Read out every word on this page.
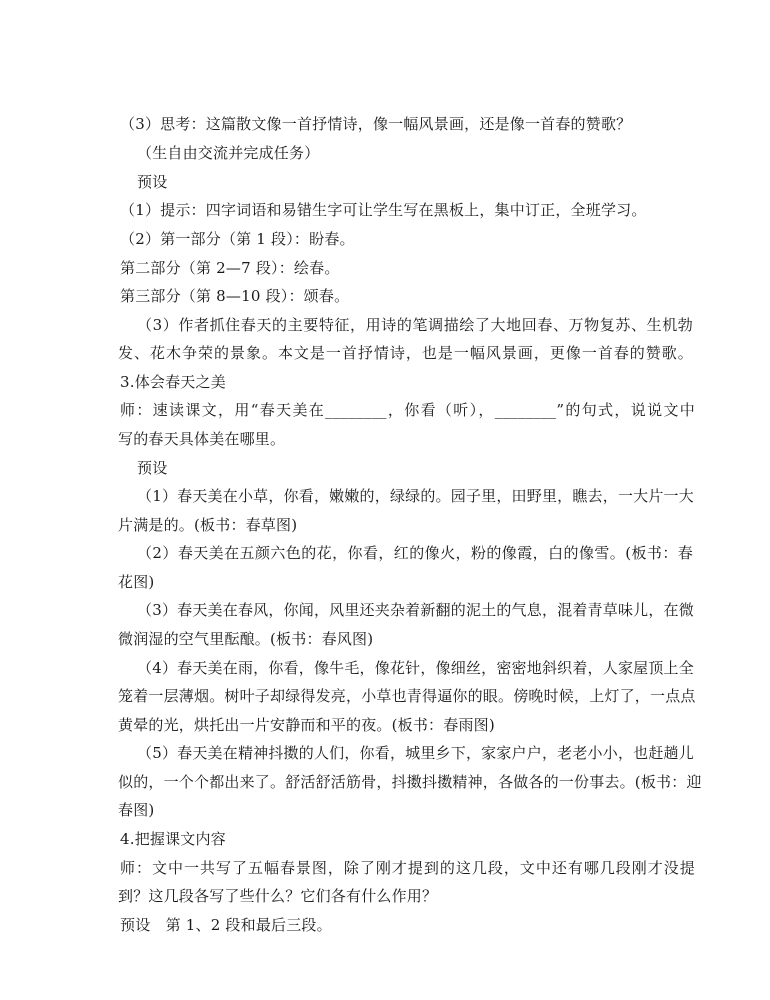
（3）思考：这篇散文像一首抒情诗，像一幅风景画，还是像一首春的赞歌？
（生自由交流并完成任务）
预设
（1）提示：四字词语和易错生字可让学生写在黑板上，集中订正，全班学习。
（2）第一部分（第 1 段）：盼春。
第二部分（第 2—7 段）：绘春。
第三部分（第 8—10 段）：颂春。
（3）作者抓住春天的主要特征，用诗的笔调描绘了大地回春、万物复苏、生机勃
发、花木争荣的景象。本文是一首抒情诗，也是一幅风景画，更像一首春的赞歌。
3.体会春天之美
师：速读课文，用“春天美在________，你看（听），________”的句式，说说文中
写的春天具体美在哪里。
预设
（1）春天美在小草，你看，嫩嫩的，绿绿的。园子里，田野里，瞧去，一大片一大
片满是的。(板书：春草图)
（2）春天美在五颜六色的花，你看，红的像火，粉的像霞，白的像雪。(板书：春
花图)
（3）春天美在春风，你闻，风里还夹杂着新翻的泥土的气息，混着青草味儿，在微
微润湿的空气里酝酿。(板书：春风图)
（4）春天美在雨，你看，像牛毛，像花针，像细丝，密密地斜织着，人家屋顶上全
笼着一层薄烟。树叶子却绿得发亮，小草也青得逼你的眼。傍晚时候，上灯了，一点点
黄晕的光，烘托出一片安静而和平的夜。(板书：春雨图)
（5）春天美在精神抖擞的人们，你看，城里乡下，家家户户，老老小小，也赶趟儿
似的，一个个都出来了。舒活舒活筋骨，抖擞抖擞精神，各做各的一份事去。(板书：迎
春图)
4.把握课文内容
师：文中一共写了五幅春景图，除了刚才提到的这几段，文中还有哪几段刚才没提
到？这几段各写了些什么？它们各有什么作用？
预设　第 1、2 段和最后三段。
